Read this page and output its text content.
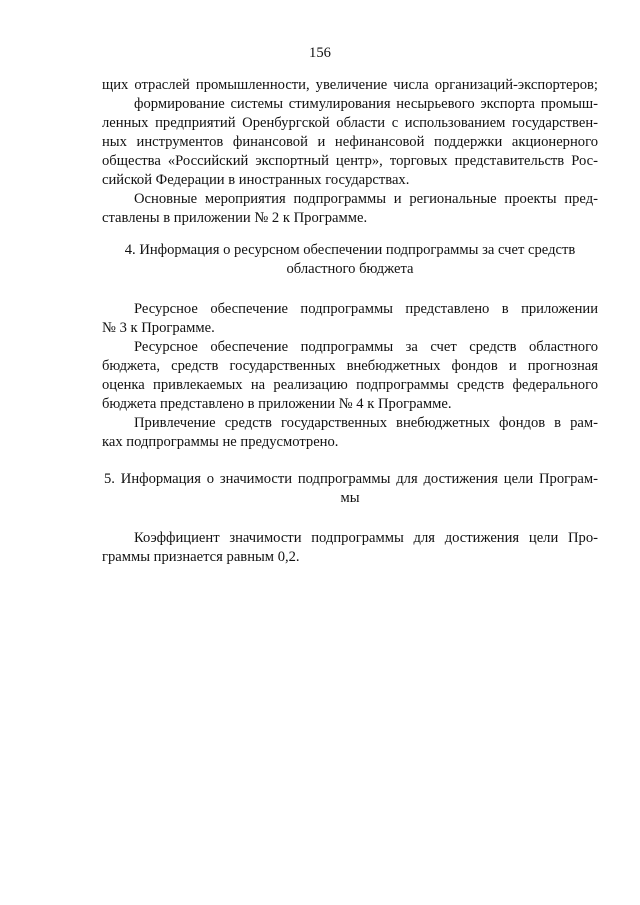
156
щих отраслей промышленности, увеличение числа организаций-экспортеров;
формирование системы стимулирования несырьевого экспорта промыш-
ленных предприятий Оренбургской области с использованием государствен-
ных инструментов финансовой и нефинансовой поддержки акционерного
общества «Российский экспортный центр», торговых представительств Рос-
сийской Федерации в иностранных государствах.
Основные мероприятия подпрограммы и региональные проекты пред-
ставлены в приложении № 2 к Программе.
4. Информация о ресурсном обеспечении подпрограммы за счет средств
областного бюджета
Ресурсное обеспечение подпрограммы представлено в приложении
№ 3 к Программе.
Ресурсное обеспечение подпрограммы за счет средств областного
бюджета, средств государственных внебюджетных фондов и прогнозная
оценка привлекаемых на реализацию подпрограммы средств федерального
бюджета представлено в приложении № 4 к Программе.
Привлечение средств государственных внебюджетных фондов в рам-
ках подпрограммы не предусмотрено.
5. Информация о значимости подпрограммы для достижения цели Програм-
мы
Коэффициент значимости подпрограммы для достижения цели Про-
граммы признается равным 0,2.
